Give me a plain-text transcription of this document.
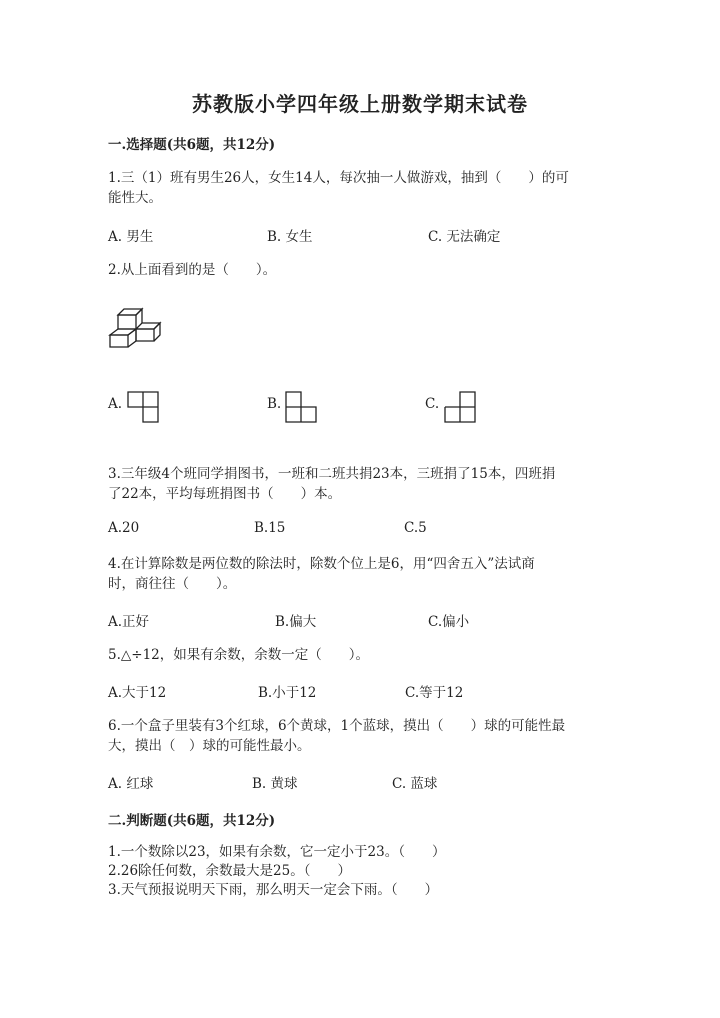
苏教版小学四年级上册数学期末试卷
一.选择题(共6题，共12分)
1.三（1）班有男生26人，女生14人，每次抽一人做游戏，抽到（　　）的可
能性大。
A. 男生	B. 女生	C. 无法确定
2.从上面看到的是（　　）。
A.	B.	C.
3.三年级4个班同学捐图书，一班和二班共捐23本，三班捐了15本，四班捐
了22本，平均每班捐图书（　　）本。
A.20	B.15	C.5
4.在计算除数是两位数的除法时，除数个位上是6，用“四舍五入”法试商
时，商往往（　　）。
A.正好	B.偏大	C.偏小
5.△÷12，如果有余数，余数一定（　　）。
A.大于12	B.小于12	C.等于12
6.一个盒子里装有3个红球，6个黄球，1个蓝球，摸出（　　）球的可能性最
大，摸出（　）球的可能性最小。
A. 红球	B. 黄球	C. 蓝球
二.判断题(共6题，共12分)
1.一个数除以23，如果有余数，它一定小于23。（　　）
2.26除任何数，余数最大是25。（　　）
3.天气预报说明天下雨，那么明天一定会下雨。（　　）
